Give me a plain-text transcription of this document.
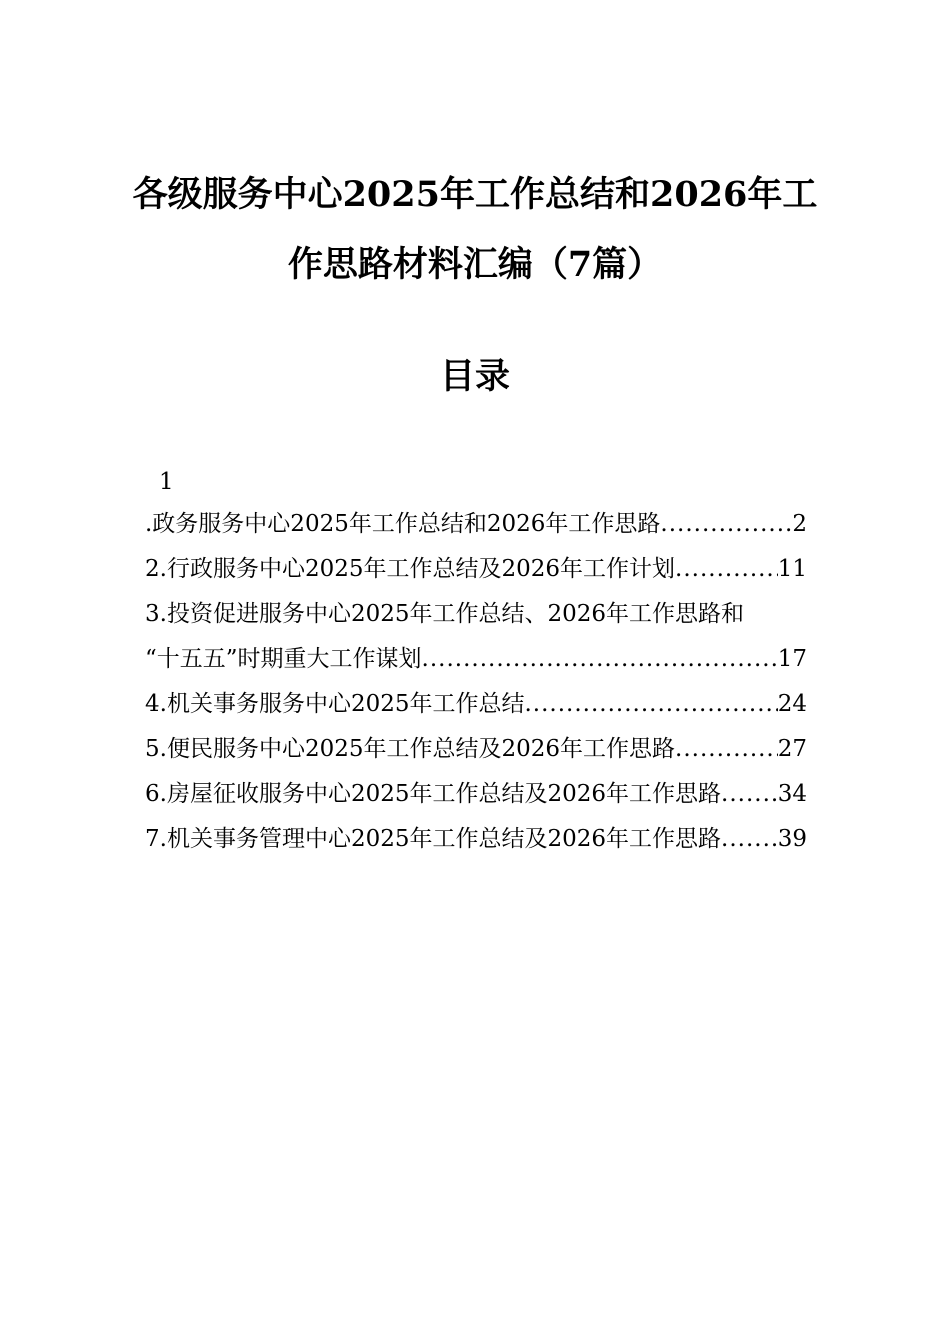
各级服务中心2025年工作总结和2026年工
作思路材料汇编（7篇）
目录
1
.政务服务中心2025年工作总结和2026年工作思路 .....	2
2.行政服务中心2025年工作总结及2026年工作计划 .....	11
3.投资促进服务中心2025年工作总结、2026年工作思路和
“十五五”时期重大工作谋划 .....	17
4.机关事务服务中心2025年工作总结 .....	24
5.便民服务中心2025年工作总结及2026年工作思路 .....	27
6.房屋征收服务中心2025年工作总结及2026年工作思路 ..... 34
7.机关事务管理中心2025年工作总结及2026年工作思路 ..... 39
